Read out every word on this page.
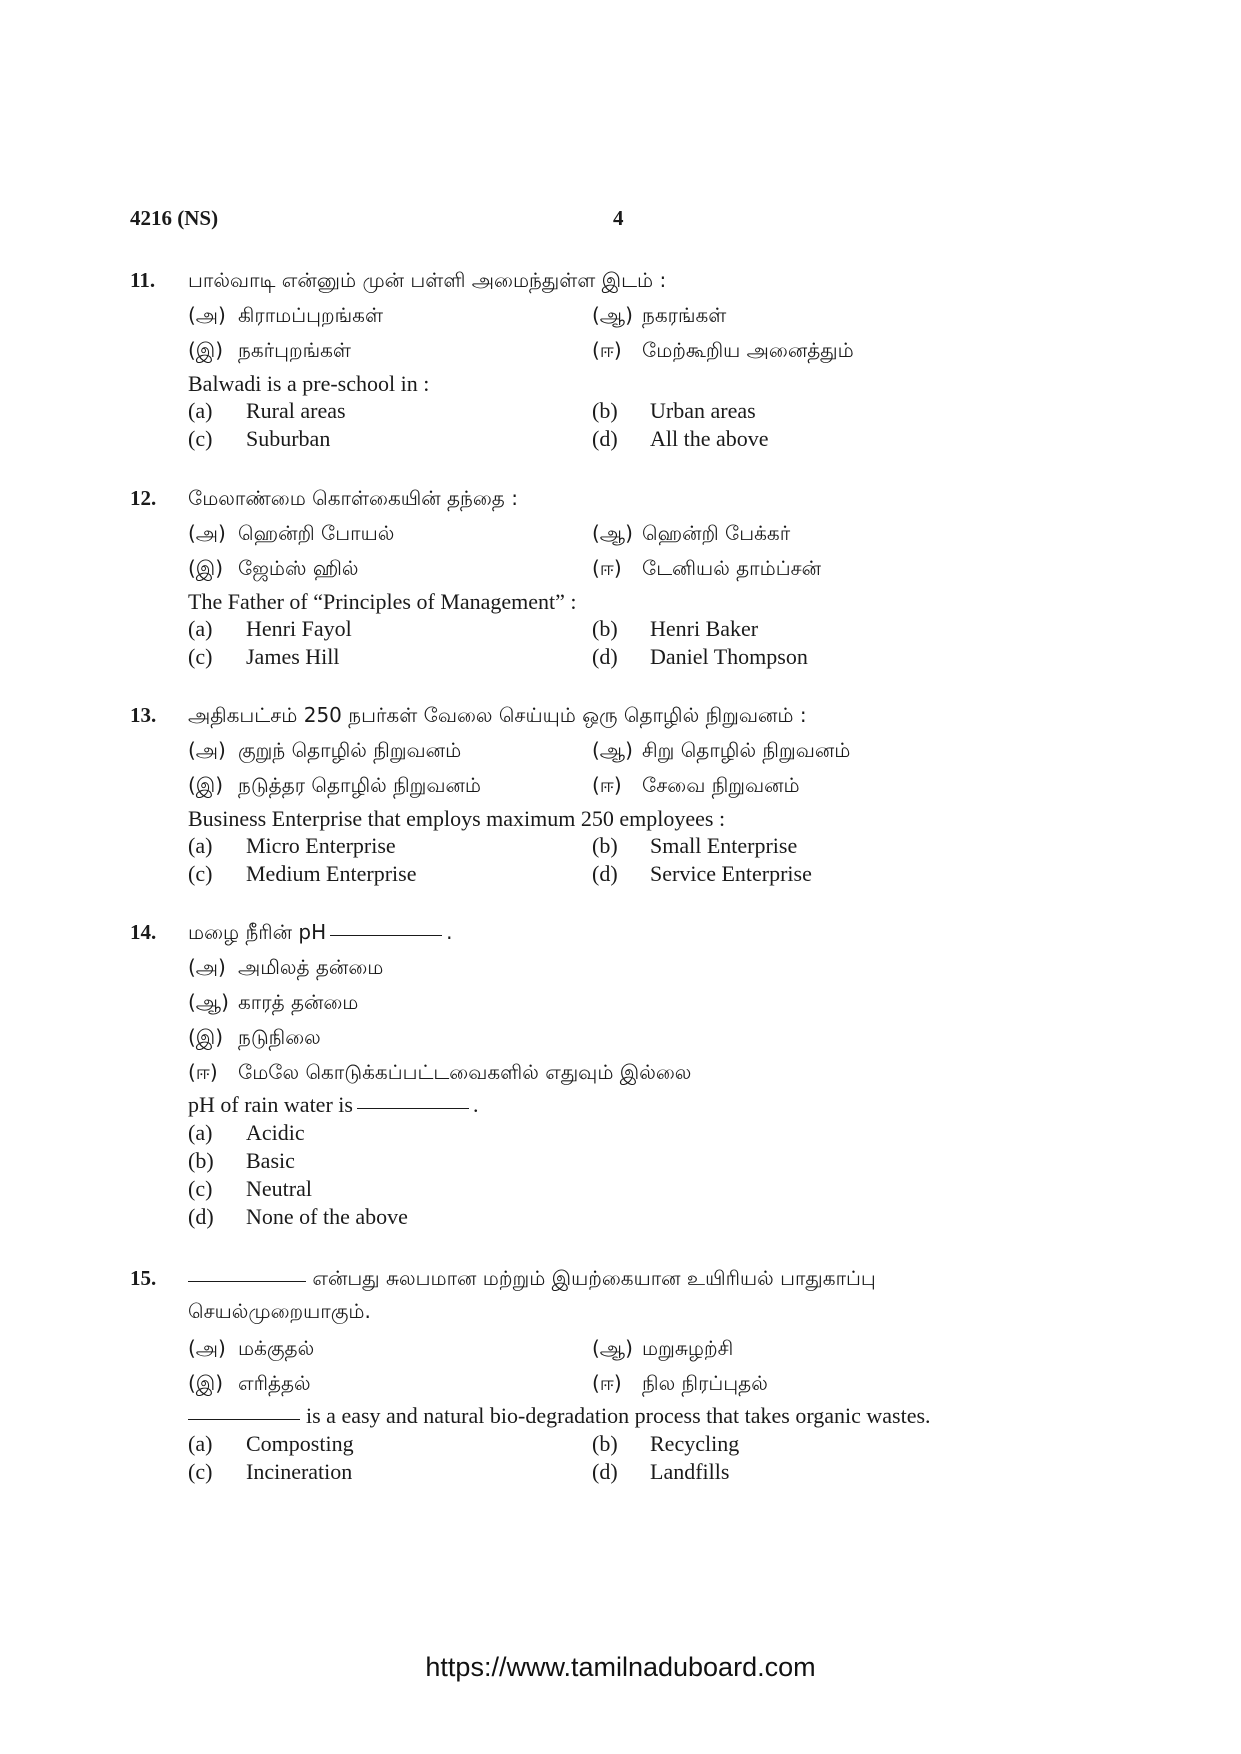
4216 (NS)	4
11. பால்வாடி என்னும் முன் பள்ளி அமைந்துள்ள இடம் :
(அ) கிராமப்புறங்கள்	(ஆ) நகரங்கள்
(இ) நகர்புறங்கள்	(ஈ) மேற்கூறிய அனைத்தும்
Balwadi is a pre-school in :
(a) Rural areas	(b) Urban areas
(c) Suburban	(d) All the above
12. மேலாண்மை கொள்கையின் தந்தை :
(அ) ஹென்றி போயல்	(ஆ) ஹென்றி பேக்கர்
(இ) ஜேம்ஸ் ஹில்	(ஈ) டேனியல் தாம்ப்சன்
The Father of “Principles of Management” :
(a) Henri Fayol	(b) Henri Baker
(c) James Hill	(d) Daniel Thompson
13. அதிகபட்சம் 250 நபர்கள் வேலை செய்யும் ஒரு தொழில் நிறுவனம் :
(அ) குறுந் தொழில் நிறுவனம்	(ஆ) சிறு தொழில் நிறுவனம்
(இ) நடுத்தர தொழில் நிறுவனம்	(ஈ) சேவை நிறுவனம்
Business Enterprise that employs maximum 250 employees :
(a) Micro Enterprise	(b) Small Enterprise
(c) Medium Enterprise	(d) Service Enterprise
14. மழை நீரின் pH	.
(அ) அமிலத் தன்மை
(ஆ) காரத் தன்மை
(இ) நடுநிலை
(ஈ) மேலே கொடுக்கப்பட்டவைகளில் எதுவும் இல்லை
pH of rain water is	.
(a) Acidic
(b) Basic
(c) Neutral
(d) None of the above
15.	என்பது சுலபமான மற்றும் இயற்கையான உயிரியல் பாதுகாப்பு
செயல்முறையாகும்.
(அ) மக்குதல்	(ஆ) மறுசுழற்சி
(இ) எரித்தல்	(ஈ) நில நிரப்புதல்
is a easy and natural bio-degradation process that takes organic wastes.
(a) Composting	(b) Recycling
(c) Incineration	(d) Landfills
https://www.tamilnaduboard.com
